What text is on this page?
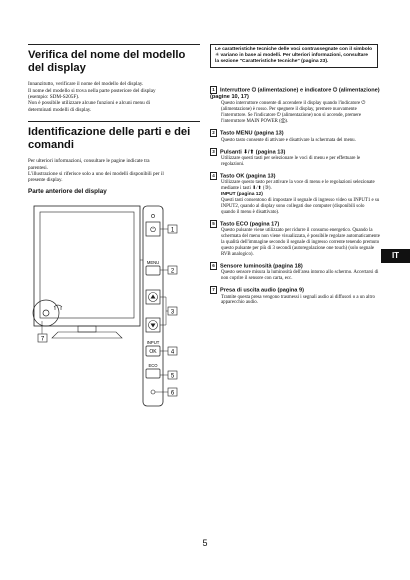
Verifica del nome del modello del display

Innanzitutto, verificare il nome del modello del display.
Il nome del modello si trova nella parte posteriore del display
(esempio: SDM-S205F).
Non è possibile utilizzare alcune funzioni e alcuni menu di
determinati modelli di display.

Identificazione delle parti e dei comandi

Per ulteriori informazioni, consultare le pagine indicate tra
parentesi.
L'illustrazione si riferisce solo a uno dei modelli disponibili per il
presente display.

Parte anteriore del display
7
⏻	1
MENU
2
3
INPUT
OK 4
ECO
5
6
Le caratteristiche tecniche delle voci contrassegnate con il simbolo ✳ variano in base ai modelli. Per ulteriori informazioni, consultare la sezione "Caratteristiche tecniche" (pagina 23).
1 Interruttore ⏻ (alimentazione) e indicatore ⏻ (alimentazione) (pagine 10, 17)
Questo interruttore consente di accendere il display quando l'indicatore ⏻ (alimentazione) è rosso. Per spegnere il display, premere nuovamente l'interruttore. Se l'indicatore ⏻ (alimentazione) non si accende, premere l'interruttore MAIN POWER (⑧).
2 Tasto MENU (pagina 13)
Questo tasto consente di attivare e disattivare la schermata del menu.
3 Pulsanti ⬇/⬆ (pagina 13)
Utilizzare questi tasti per selezionare le voci di menu e per effettuare le regolazioni.
4 Tasto OK (pagina 13)
Utilizzare questo tasto per attivare la voce di menu e le regolazioni selezionate mediante i tasti ⬇/⬆ (③).
INPUT (pagina 12)
Questi tasti consentono di impostare il segnale di ingresso video su INPUT1 e su INPUT2, quando al display sono collegati due computer (disponibili solo quando il menu è disattivato).
5 Tasto ECO (pagina 17)
Questo pulsante viene utilizzato per ridurre il consumo energetico. Quando la schermata del menu non viene visualizzata, è possibile regolare automaticamente la qualità dell'immagine secondo il segnale di ingresso corrente tenendo premuto questo pulsante per più di 3 secondi (autoregolazione one touch) (solo segnale RVB analogico).
6 Sensore luminosità (pagina 18)
Questo sensore misura la luminosità dell'area intorno allo schermo. Accertarsi di non coprire il sensore con carta, ecc.
7 Presa di uscita audio (pagina 9)
Tramite questa presa vengono trasmessi i segnali audio ai diffusori o a un altro apparecchio audio.
IT
5
